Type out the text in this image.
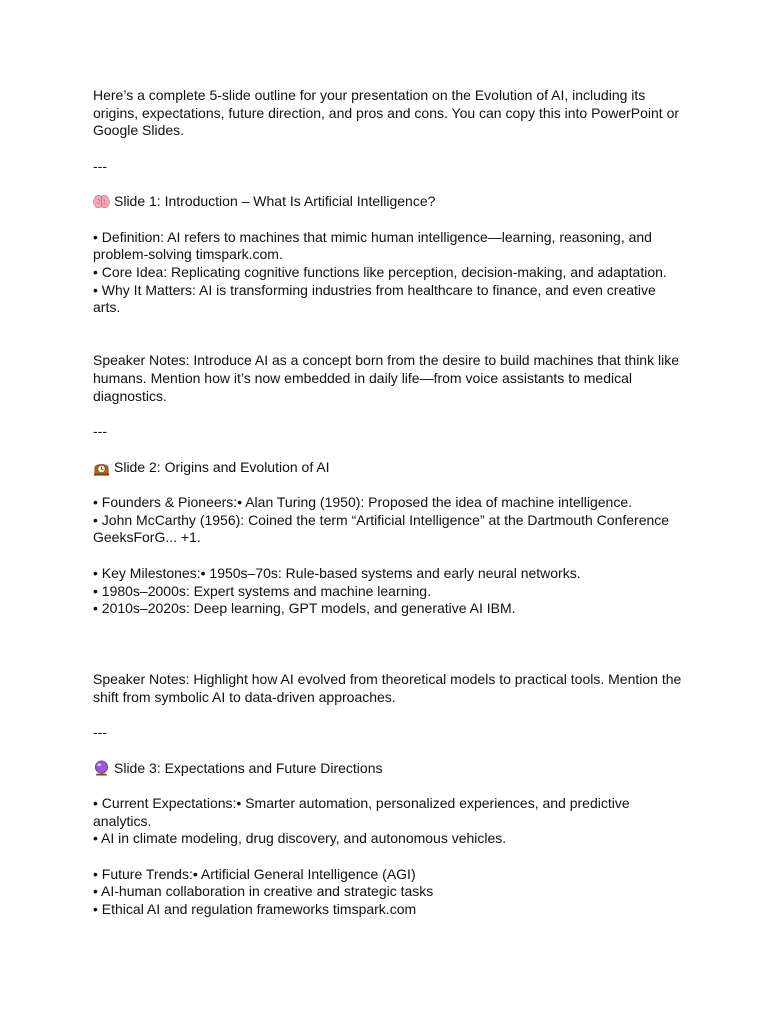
Here’s a complete 5-slide outline for your presentation on the Evolution of AI, including its origins, expectations, future direction, and pros and cons. You can copy this into PowerPoint or Google Slides.

---

Slide 1: Introduction – What Is Artificial Intelligence?

• Definition: AI refers to machines that mimic human intelligence—learning, reasoning, and problem-solving timspark.com.

• Core Idea: Replicating cognitive functions like perception, decision-making, and adaptation.

• Why It Matters: AI is transforming industries from healthcare to finance, and even creative arts.

Speaker Notes: Introduce AI as a concept born from the desire to build machines that think like humans. Mention how it’s now embedded in daily life—from voice assistants to medical diagnostics.

---

Slide 2: Origins and Evolution of AI

• Founders & Pioneers:• Alan Turing (1950): Proposed the idea of machine intelligence.

• John McCarthy (1956): Coined the term “Artificial Intelligence” at the Dartmouth Conference GeeksForG... +1.

• Key Milestones:• 1950s–70s: Rule-based systems and early neural networks.

• 1980s–2000s: Expert systems and machine learning.

• 2010s–2020s: Deep learning, GPT models, and generative AI IBM.

Speaker Notes: Highlight how AI evolved from theoretical models to practical tools. Mention the shift from symbolic AI to data-driven approaches.

---

Slide 3: Expectations and Future Directions

• Current Expectations:• Smarter automation, personalized experiences, and predictive analytics.

• AI in climate modeling, drug discovery, and autonomous vehicles.

• Future Trends:• Artificial General Intelligence (AGI)

• AI-human collaboration in creative and strategic tasks

• Ethical AI and regulation frameworks timspark.com
